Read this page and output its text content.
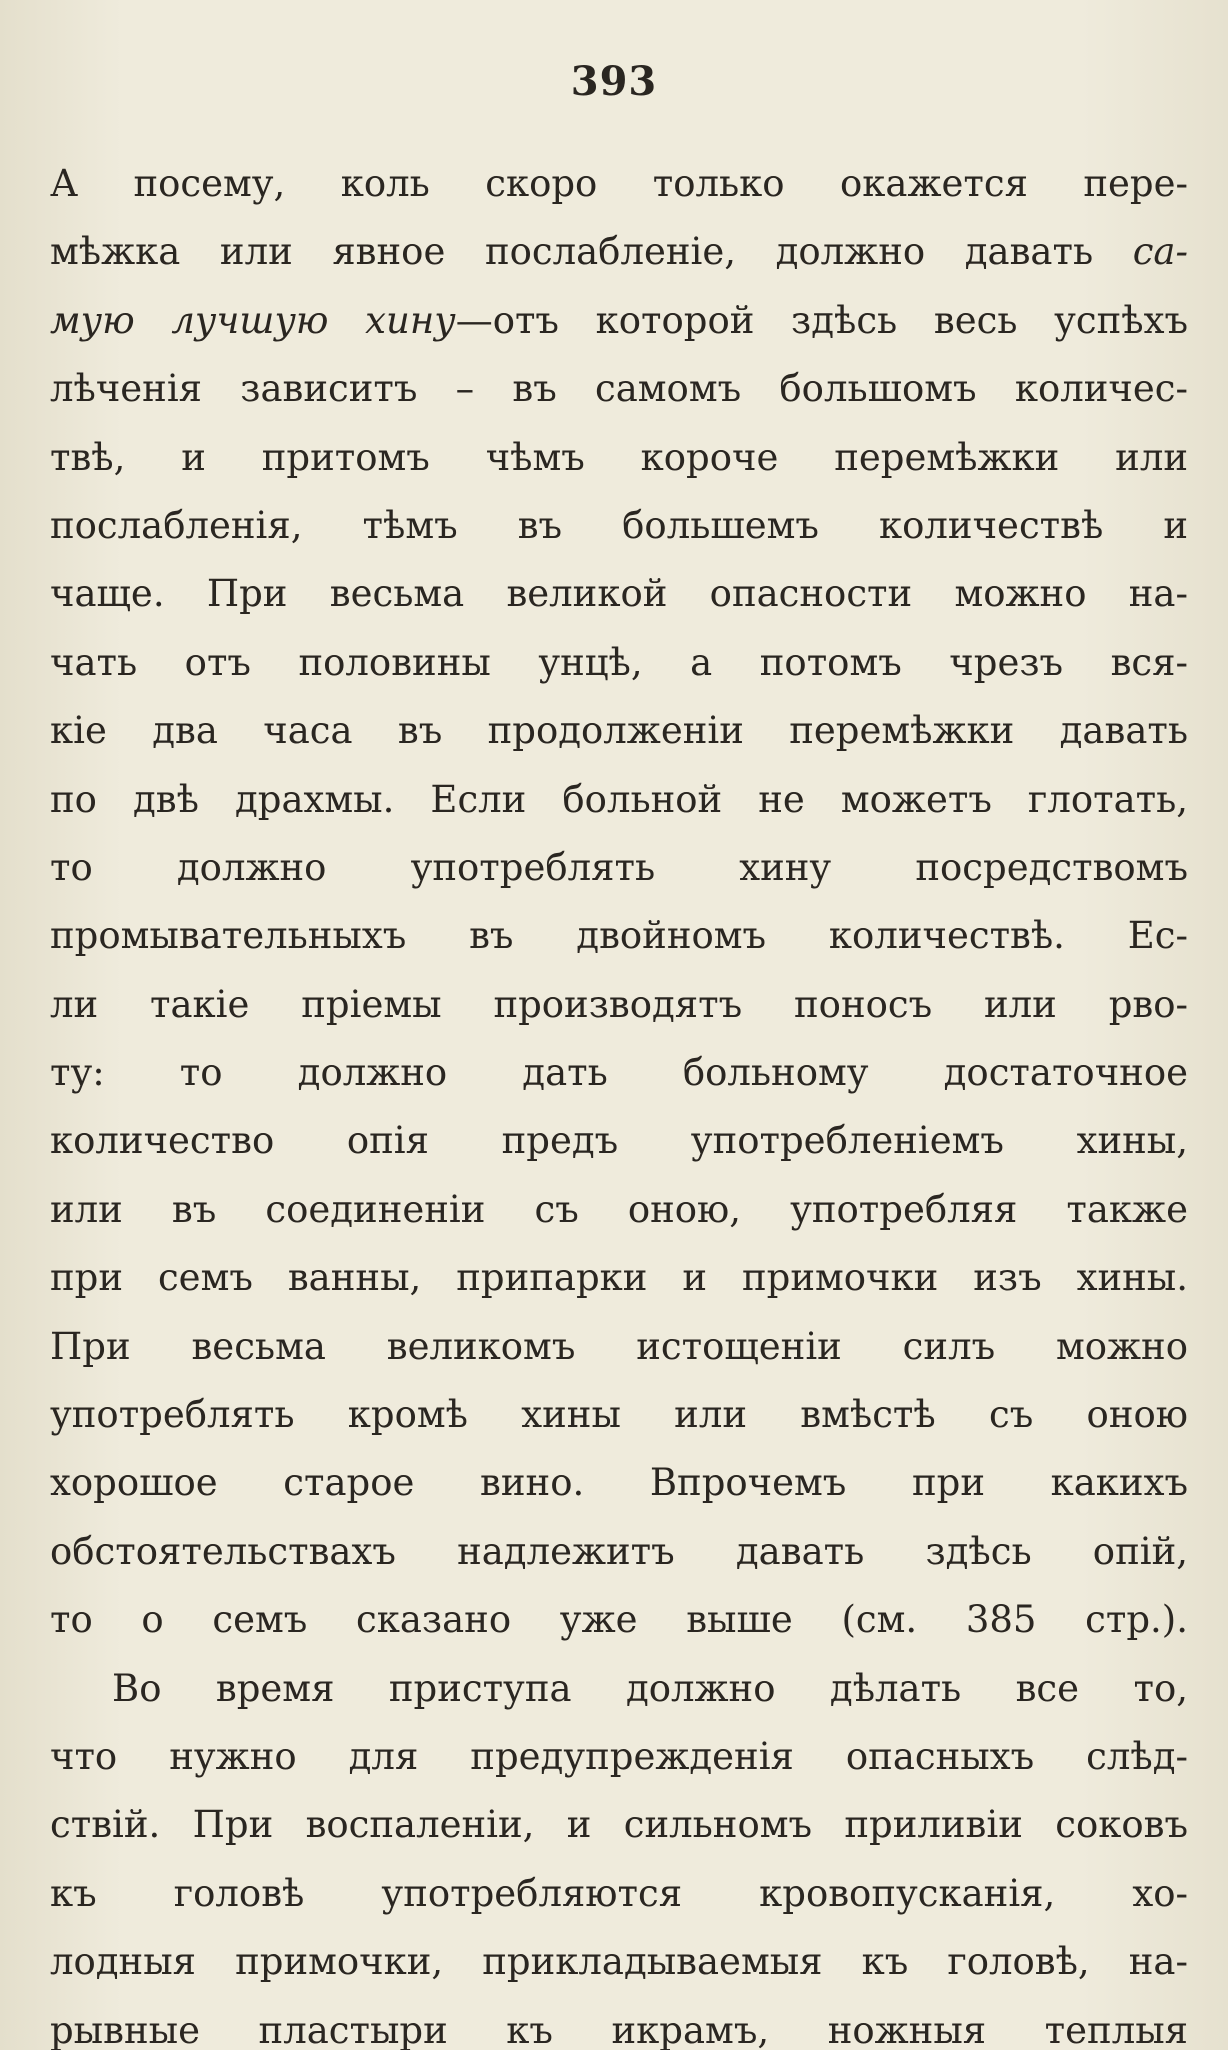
393
А посему, коль скоро только окажется пере-
мѣжка или явное послабленіе, должно давать са-
мую лучшую хину—отъ которой здѣсь весь успѣхъ
лѣченія зависитъ – въ самомъ большомъ количес-
твѣ, и притомъ чѣмъ короче перемѣжки или
послабленія, тѣмъ въ большемъ количествѣ и
чаще. При весьма великой опасности можно на-
чать отъ половины унцѣ, а потомъ чрезъ вся-
кіе два часа въ продолженіи перемѣжки давать
по двѣ драхмы. Если больной не можетъ глотать,
то должно употреблять хину посредствомъ
промывательныхъ въ двойномъ количествѣ. Ес-
ли такіе пріемы производятъ поносъ или рво-
ту: то должно дать больному достаточное
количество опія предъ употребленіемъ хины,
или въ соединеніи съ оною, употребляя также
при семъ ванны, припарки и примочки изъ хины.
При весьма великомъ истощеніи силъ можно
употреблять кромѣ хины или вмѣстѣ съ оною
хорошое старое вино. Впрочемъ при какихъ
обстоятельствахъ надлежитъ давать здѣсь опій,
то о семъ сказано уже выше (см. 385 стр.).
Во время приступа должно дѣлать все то,
что нужно для предупрежденія опасныхъ слѣд-
ствій. При воспаленіи, и сильномъ приливіи соковъ
къ головѣ употребляются кровопусканія, хо-
лодныя примочки, прикладываемыя къ головѣ, на-
рывные пластыри къ икрамъ, ножныя теплыя
